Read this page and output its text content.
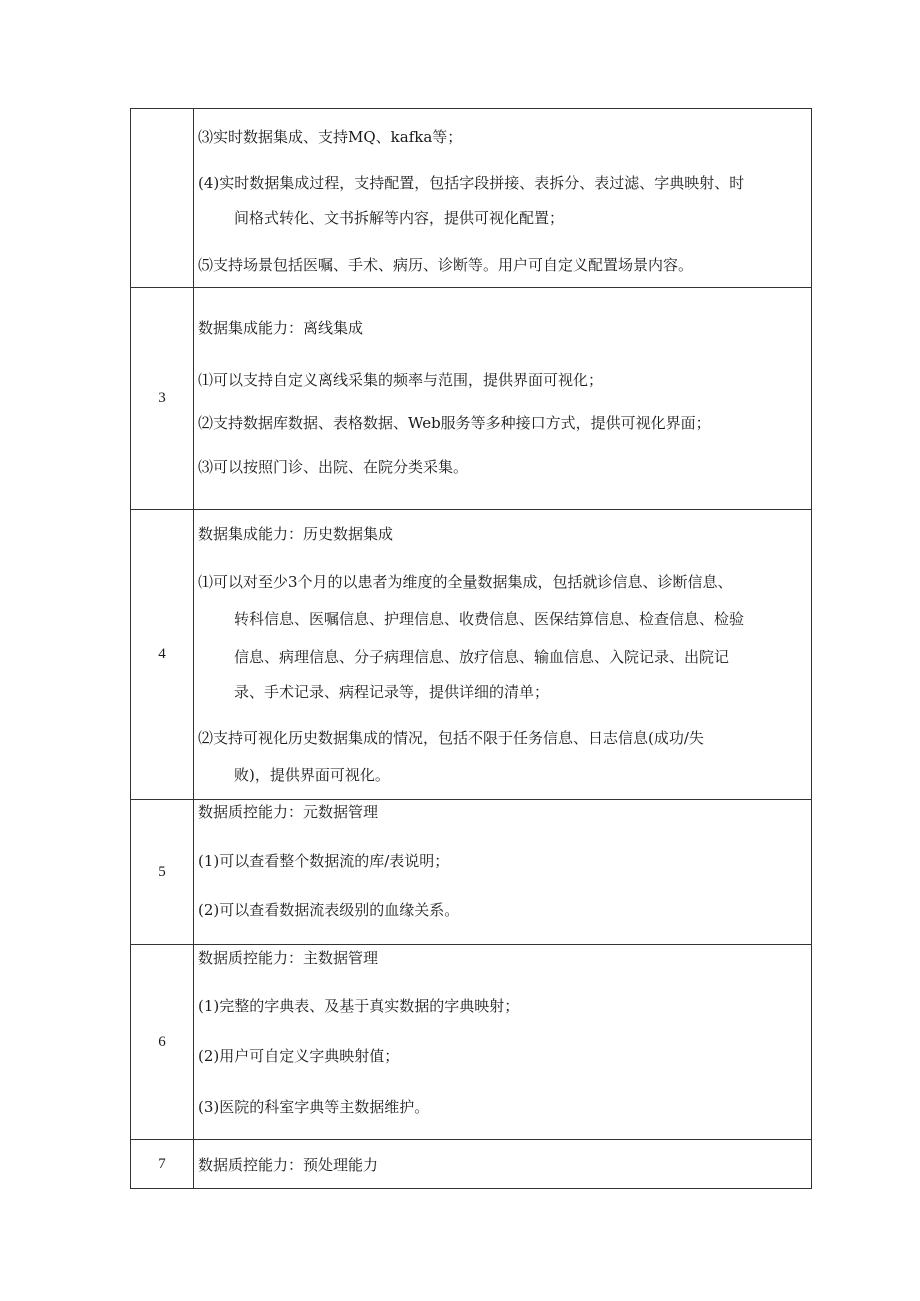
⑶实时数据集成、支持MQ、kafka等；
(4)实时数据集成过程，支持配置，包括字段拼接、表拆分、表过滤、字典映射、时
间格式转化、文书拆解等内容，提供可视化配置；
⑸支持场景包括医嘱、手术、病历、诊断等。用户可自定义配置场景内容。
3
数据集成能力：离线集成
⑴可以支持自定义离线采集的频率与范围，提供界面可视化；
⑵支持数据库数据、表格数据、Web服务等多种接口方式，提供可视化界面；
⑶可以按照门诊、出院、在院分类采集。
4
数据集成能力：历史数据集成
⑴可以对至少3个月的以患者为维度的全量数据集成，包括就诊信息、诊断信息、
转科信息、医嘱信息、护理信息、收费信息、医保结算信息、检查信息、检验
信息、病理信息、分子病理信息、放疗信息、输血信息、入院记录、出院记
录、手术记录、病程记录等，提供详细的清单；
⑵支持可视化历史数据集成的情况，包括不限于任务信息、日志信息(成功/失
败)，提供界面可视化。
5
数据质控能力：元数据管理
(1)可以查看整个数据流的库/表说明；
(2)可以查看数据流表级别的血缘关系。
6
数据质控能力：主数据管理
(1)完整的字典表、及基于真实数据的字典映射；
(2)用户可自定义字典映射值；
(3)医院的科室字典等主数据维护。
7	数据质控能力：预处理能力
